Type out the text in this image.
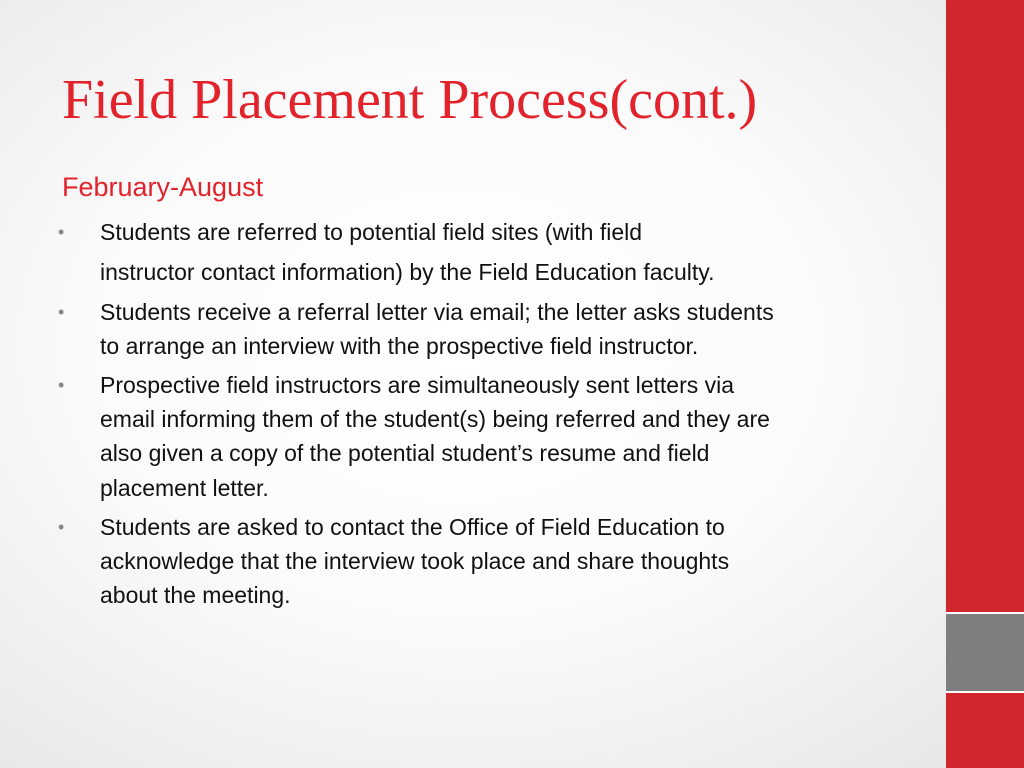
Field Placement Process(cont.)
February-August
• Students are referred to potential field sites (with field
instructor contact information) by the Field Education faculty.
• Students receive a referral letter via email; the letter asks students
to arrange an interview with the prospective field instructor.
• Prospective field instructors are simultaneously sent letters via
email informing them of the student(s) being referred and they are
also given a copy of the potential student’s resume and field
placement letter.
• Students are asked to contact the Office of Field Education to
acknowledge that the interview took place and share thoughts
about the meeting.
